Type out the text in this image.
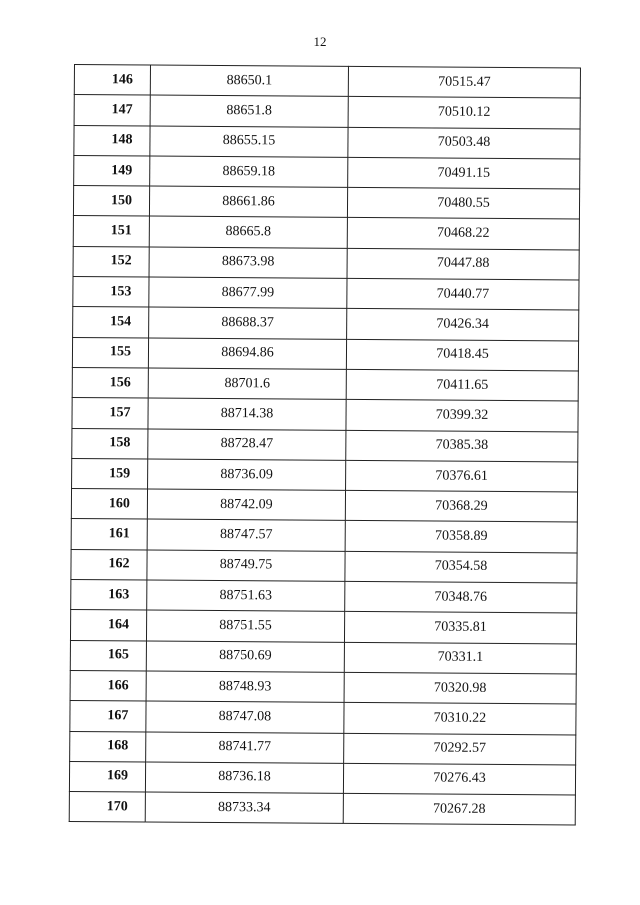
12
146	88650.1	70515.47
147	88651.8	70510.12
148	88655.15	70503.48
149	88659.18	70491.15
150	88661.86	70480.55
151	88665.8	70468.22
152	88673.98	70447.88
153	88677.99	70440.77
154	88688.37	70426.34
155	88694.86	70418.45
156	88701.6	70411.65
157	88714.38	70399.32
158	88728.47	70385.38
159	88736.09	70376.61
160	88742.09	70368.29
161	88747.57	70358.89
162	88749.75	70354.58
163	88751.63	70348.76
164	88751.55	70335.81
165	88750.69	70331.1
166	88748.93	70320.98
167	88747.08	70310.22
168	88741.77	70292.57
169	88736.18	70276.43
170	88733.34	70267.28
